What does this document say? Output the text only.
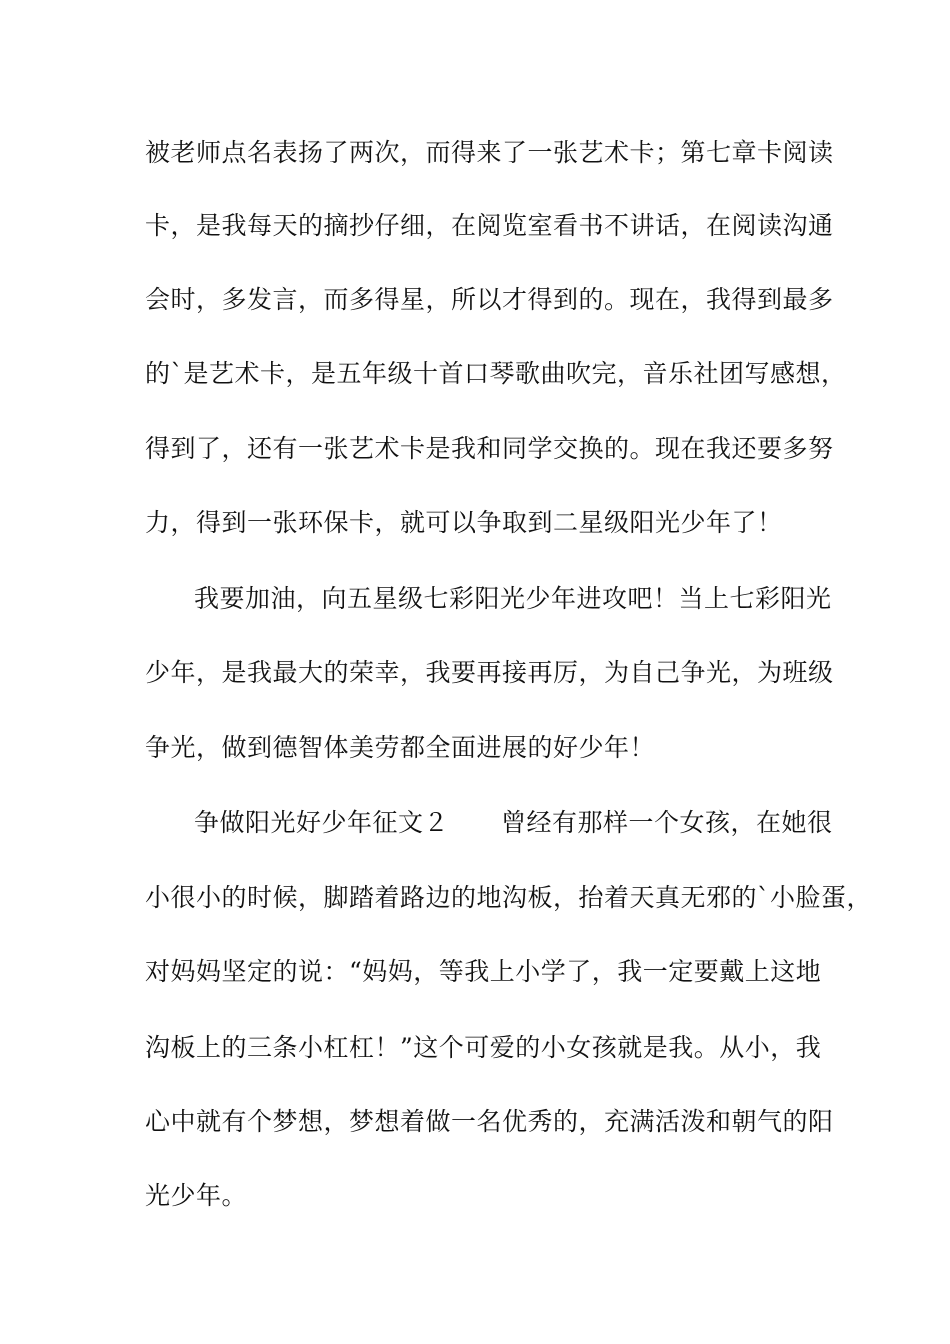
被老师点名表扬了两次，而得来了一张艺术卡；第七章卡阅读
卡，是我每天的摘抄仔细，在阅览室看书不讲话，在阅读沟通
会时，多发言，而多得星，所以才得到的。现在，我得到最多
的`是艺术卡，是五年级十首口琴歌曲吹完，音乐社团写感想，
得到了，还有一张艺术卡是我和同学交换的。现在我还要多努
力，得到一张环保卡，就可以争取到二星级阳光少年了！
我要加油，向五星级七彩阳光少年进攻吧！当上七彩阳光
少年，是我最大的荣幸，我要再接再厉，为自己争光，为班级
争光，做到德智体美劳都全面进展的好少年！
争做阳光好少年征文２ 曾经有那样一个女孩，在她很
小很小的时候，脚踏着路边的地沟板，抬着天真无邪的`小脸蛋，
对妈妈坚定的说：“妈妈，等我上小学了，我一定要戴上这地
沟板上的三条小杠杠！”这个可爱的小女孩就是我。从小，我
心中就有个梦想，梦想着做一名优秀的，充满活泼和朝气的阳
光少年。
